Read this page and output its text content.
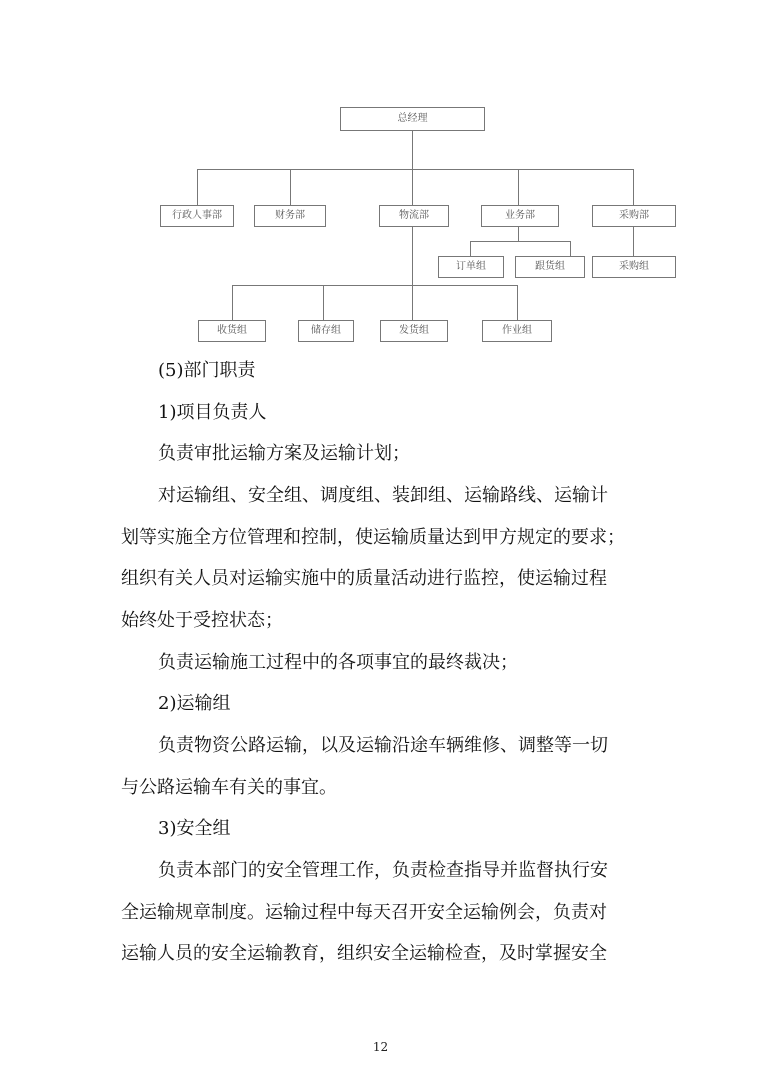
总经理
行政人事部	财务部	物流部	业务部	采购部
订单组	跟货组	采购组
收货组	储存组	发货组	作业组

(5)部门职责

1)项目负责人

负责审批运输方案及运输计划；

对运输组、安全组、调度组、装卸组、运输路线、运输计

划等实施全方位管理和控制，使运输质量达到甲方规定的要求；

组织有关人员对运输实施中的质量活动进行监控，使运输过程

始终处于受控状态；

负责运输施工过程中的各项事宜的最终裁决；

2)运输组

负责物资公路运输，以及运输沿途车辆维修、调整等一切

与公路运输车有关的事宜。

3)安全组

负责本部门的安全管理工作，负责检查指导并监督执行安

全运输规章制度。运输过程中每天召开安全运输例会，负责对

运输人员的安全运输教育，组织安全运输检查，及时掌握安全

12
